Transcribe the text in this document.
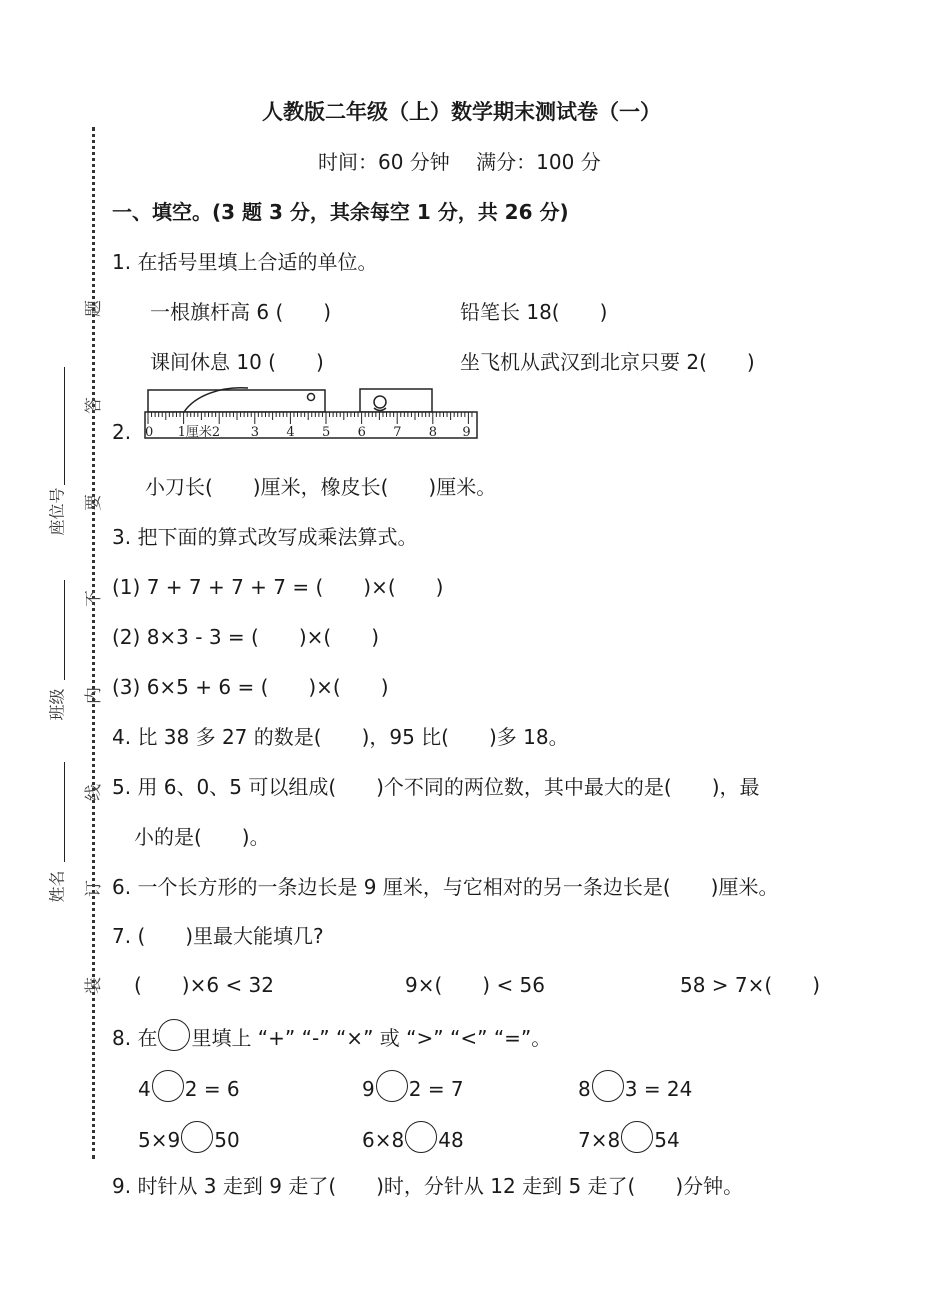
题
答
要
不
内
线
订
装
座位号
班级
姓名
人教版二年级（上）数学期末测试卷（一）
时间：60 分钟　 满分：100 分
一、填空。(3 题 3 分，其余每空 1 分，共 26 分)
1. 在括号里填上合适的单位。
一根旗杆高 6 (　　)	铅笔长 18(　　)
课间休息 10 (　　)	坐飞机从武汉到北京只要 2(　　)
2. 0 1厘米2 3 4 5 6 7 8 9
小刀长(　　)厘米，橡皮长(　　)厘米。
3. 把下面的算式改写成乘法算式。
(1) 7 + 7 + 7 + 7 = (　　)×(　　)
(2) 8×3 - 3 = (　　)×(　　)
(3) 6×5 + 6 = (　　)×(　　)
4. 比 38 多 27 的数是(　　)，95 比(　　)多 18。
5. 用 6、0、5 可以组成(　　)个不同的两位数，其中最大的是(　　)，最
小的是(　　)。
6. 一个长方形的一条边长是 9 厘米，与它相对的另一条边长是(　　)厘米。
7. (　　)里最大能填几?
(　　)×6 < 32	9×(　　) < 56	58 > 7×(　　)
8. 在 里填上 “+” “-” “×” 或 “>” “<” “=”。
4 2 = 6	9 2 = 7	8 3 = 24
5×9 50	6×8 48	7×8 54
9. 时针从 3 走到 9 走了(　　)时，分针从 12 走到 5 走了(　　)分钟。
